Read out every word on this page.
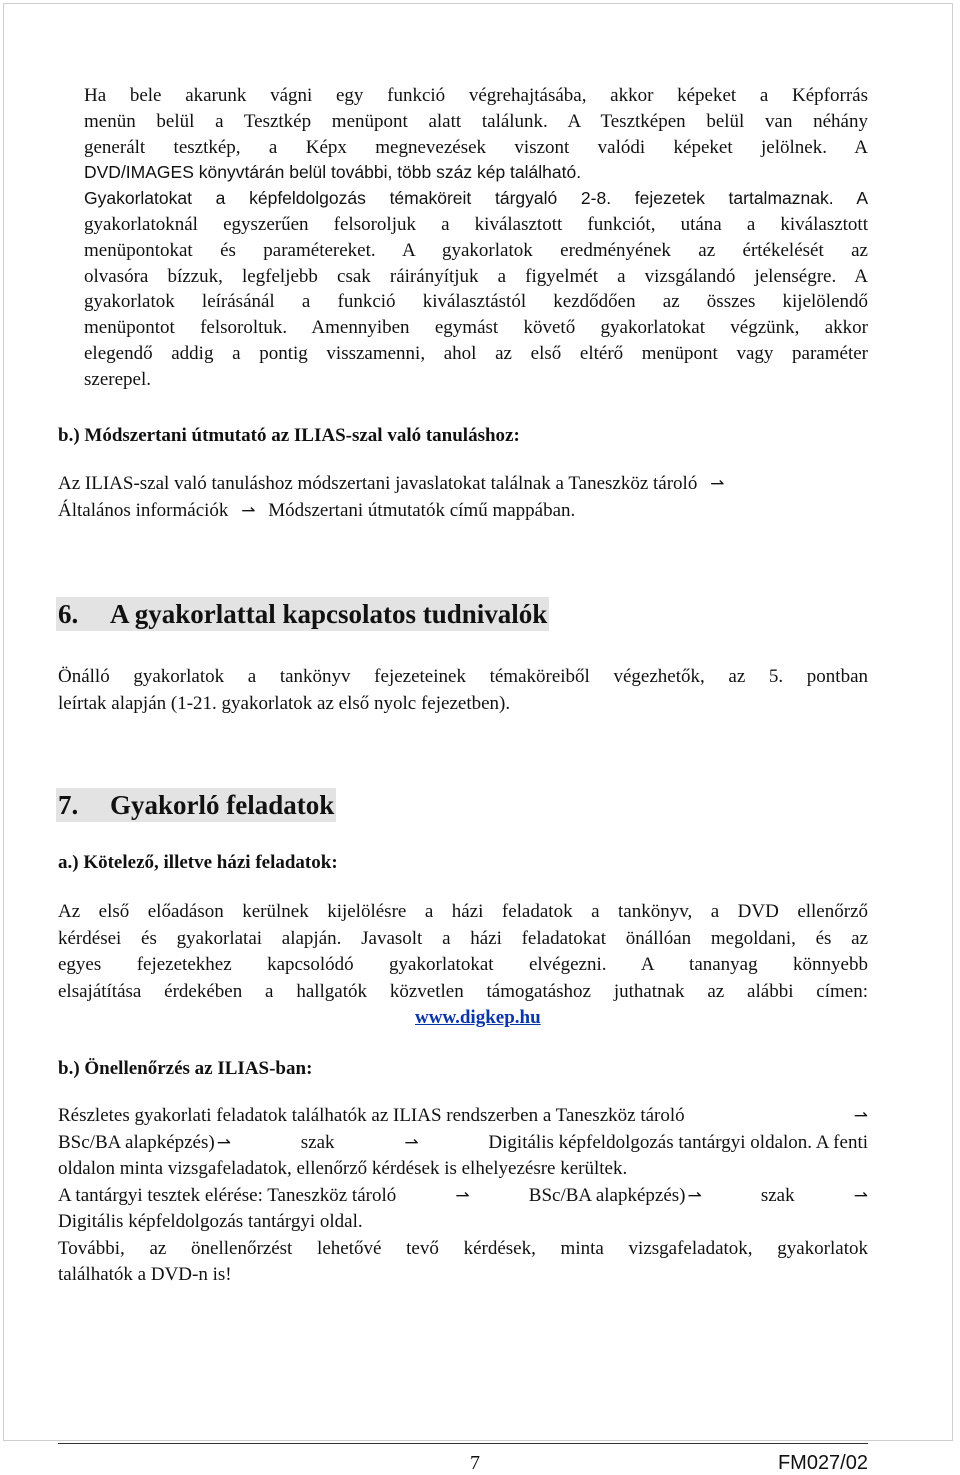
Ha bele akarunk vágni egy funkció végrehajtásába, akkor képeket a Képforrás
menün belül a Tesztkép menüpont alatt találunk. A Tesztképen belül van néhány
generált tesztkép, a Képx megnevezések viszont valódi képeket jelölnek. A
DVD/IMAGES könyvtárán belül további, több száz kép található.
Gyakorlatokat a képfeldolgozás témaköreit tárgyaló 2-8. fejezetek tartalmaznak. A
gyakorlatoknál egyszerűen felsoroljuk a kiválasztott funkciót, utána a kiválasztott
menüpontokat és paramétereket. A gyakorlatok eredményének az értékelését az
olvasóra bízzuk, legfeljebb csak ráirányítjuk a figyelmét a vizsgálandó jelenségre. A
gyakorlatok leírásánál a funkció kiválasztástól kezdődően az összes kijelölendő
menüpontot felsoroltuk. Amennyiben egymást követő gyakorlatokat végzünk, akkor
elegendő addig a pontig visszamenni, ahol az első eltérő menüpont vagy paraméter
szerepel.

b.) Módszertani útmutató az ILIAS-szal való tanuláshoz:

Az ILIAS-szal való tanuláshoz módszertani javaslatokat találnak a Taneszköz tároló ⇀
Általános információk ⇀ Módszertani útmutatók című mappában.
6. A gyakorlattal kapcsolatos tudnivalók
Önálló gyakorlatok a tankönyv fejezeteinek témaköreiből végezhetők, az 5. pontban
leírtak alapján (1-21. gyakorlatok az első nyolc fejezetben).
7. Gyakorló feladatok

a.) Kötelező, illetve házi feladatok:

Az első előadáson kerülnek kijelölésre a házi feladatok a tankönyv, a DVD ellenőrző
kérdései és gyakorlatai alapján. Javasolt a házi feladatokat önállóan megoldani, és az
egyes fejezetekhez kapcsolódó gyakorlatokat elvégezni. A tananyag könnyebb
elsajátítása érdekében a hallgatók közvetlen támogatáshoz juthatnak az alábbi címen:
www.digkep.hu

b.) Önellenőrzés az ILIAS-ban:

Részletes gyakorlati feladatok találhatók az ILIAS rendszerben a Taneszköz tároló	⇀
BSc/BA alapképzés) ⇀	szak	⇀	Digitális képfeldolgozás tantárgyi oldalon. A fenti
oldalon minta vizsgafeladatok, ellenőrző kérdések is elhelyezésre kerültek.
A tantárgyi tesztek elérése: Taneszköz tároló	⇀	BSc/BA alapképzés) ⇀	szak	⇀
Digitális képfeldolgozás tantárgyi oldal.
További, az önellenőrzést lehetővé tevő kérdések, minta vizsgafeladatok, gyakorlatok
találhatók a DVD-n is!

7	FM027/02
